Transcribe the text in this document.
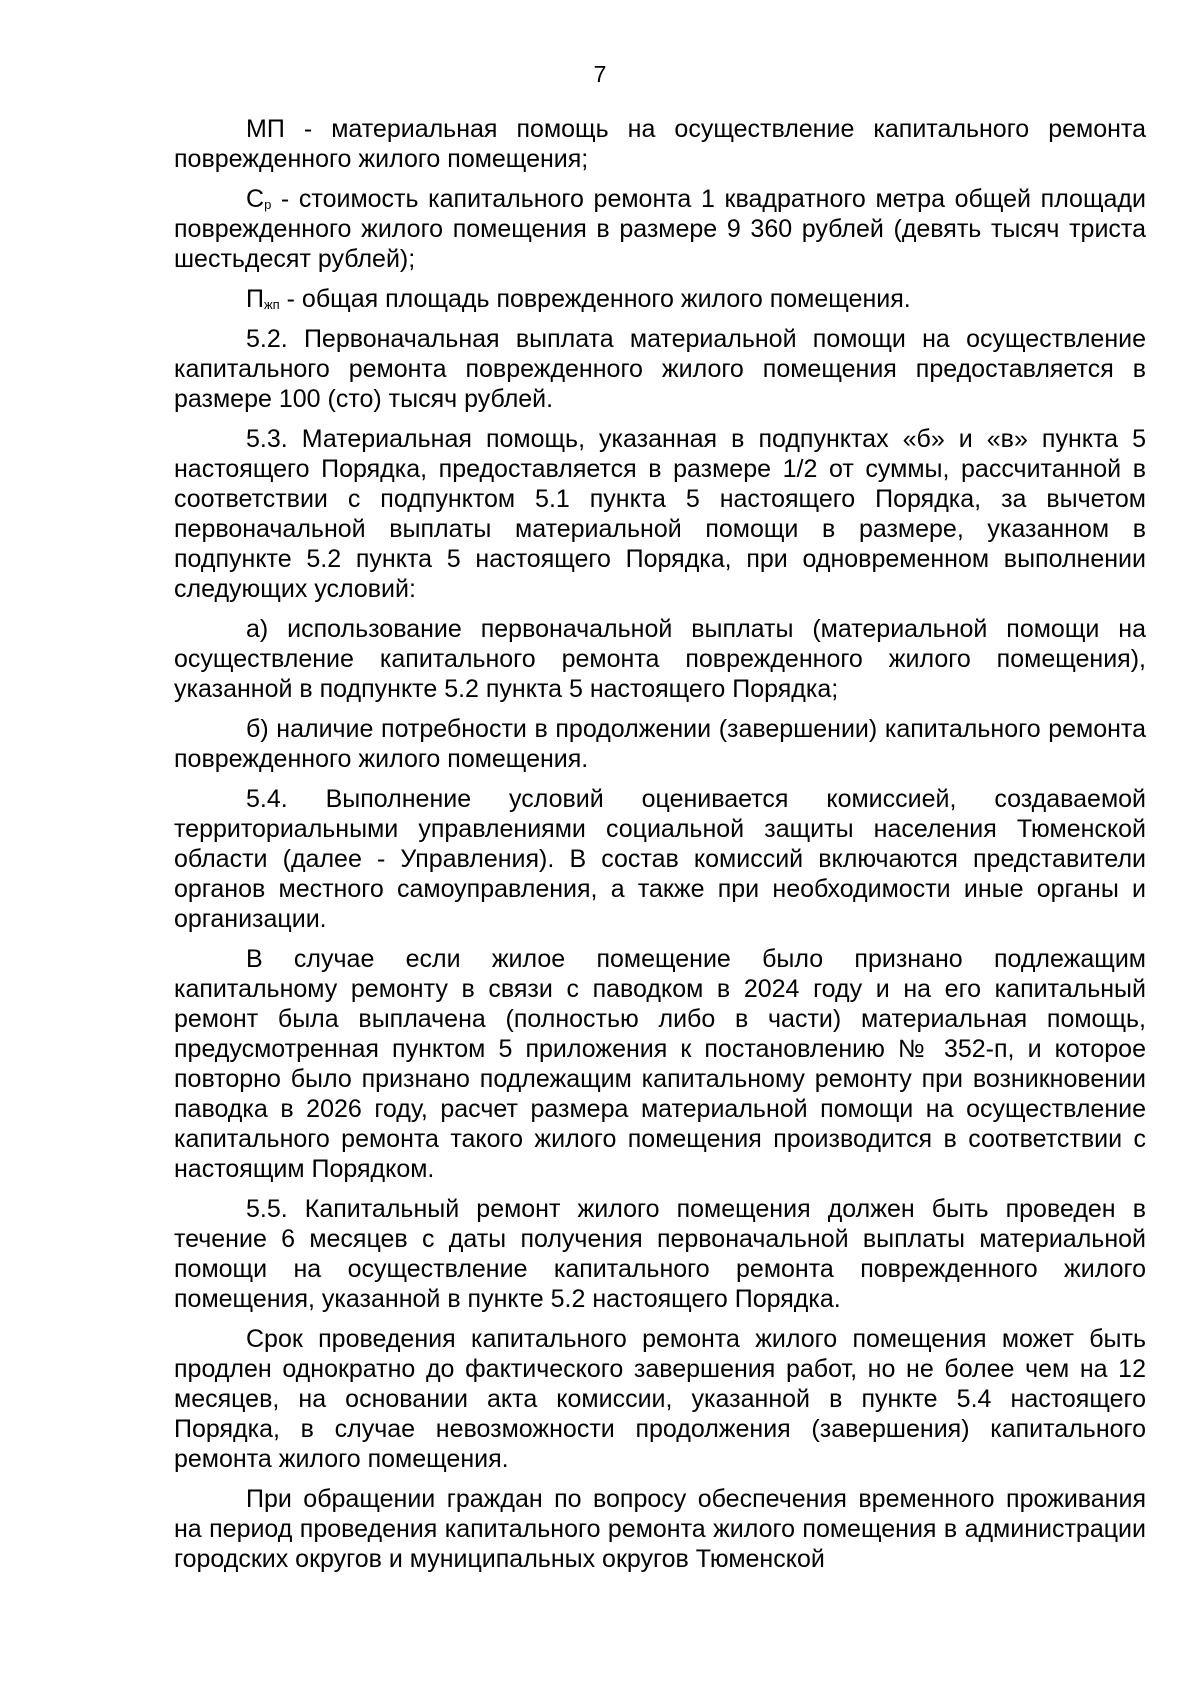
7

МП - материальная помощь на осуществление капитального ремонта поврежденного жилого помещения;

$С_р$ - стоимость капитального ремонта 1 квадратного метра общей площади поврежденного жилого помещения в размере 9 360 рублей (девять тысяч триста шестьдесят рублей);

$П_{жп}$ - общая площадь поврежденного жилого помещения.

5.2. Первоначальная выплата материальной помощи на осуществление капитального ремонта поврежденного жилого помещения предоставляется в размере 100 (сто) тысяч рублей.

5.3. Материальная помощь, указанная в подпунктах «б» и «в» пункта 5 настоящего Порядка, предоставляется в размере 1/2 от суммы, рассчитанной в соответствии с подпунктом 5.1 пункта 5 настоящего Порядка, за вычетом первоначальной выплаты материальной помощи в размере, указанном в подпункте 5.2 пункта 5 настоящего Порядка, при одновременном выполнении следующих условий:

а) использование первоначальной выплаты (материальной помощи на осуществление капитального ремонта поврежденного жилого помещения), указанной в подпункте 5.2 пункта 5 настоящего Порядка;

б) наличие потребности в продолжении (завершении) капитального ремонта поврежденного жилого помещения.

5.4. Выполнение условий оценивается комиссией, создаваемой территориальными управлениями социальной защиты населения Тюменской области (далее - Управления). В состав комиссий включаются представители органов местного самоуправления, а также при необходимости иные органы и организации.

В случае если жилое помещение было признано подлежащим капитальному ремонту в связи с паводком в 2024 году и на его капитальный ремонт была выплачена (полностью либо в части) материальная помощь, предусмотренная пунктом 5 приложения к постановлению № 352-п, и которое повторно было признано подлежащим капитальному ремонту при возникновении паводка в 2026 году, расчет размера материальной помощи на осуществление капитального ремонта такого жилого помещения производится в соответствии с настоящим Порядком.

5.5. Капитальный ремонт жилого помещения должен быть проведен в течение 6 месяцев с даты получения первоначальной выплаты материальной помощи на осуществление капитального ремонта поврежденного жилого помещения, указанной в пункте 5.2 настоящего Порядка.

Срок проведения капитального ремонта жилого помещения может быть продлен однократно до фактического завершения работ, но не более чем на 12 месяцев, на основании акта комиссии, указанной в пункте 5.4 настоящего Порядка, в случае невозможности продолжения (завершения) капитального ремонта жилого помещения.

При обращении граждан по вопросу обеспечения временного проживания на период проведения капитального ремонта жилого помещения в администрации городских округов и муниципальных округов Тюменской
